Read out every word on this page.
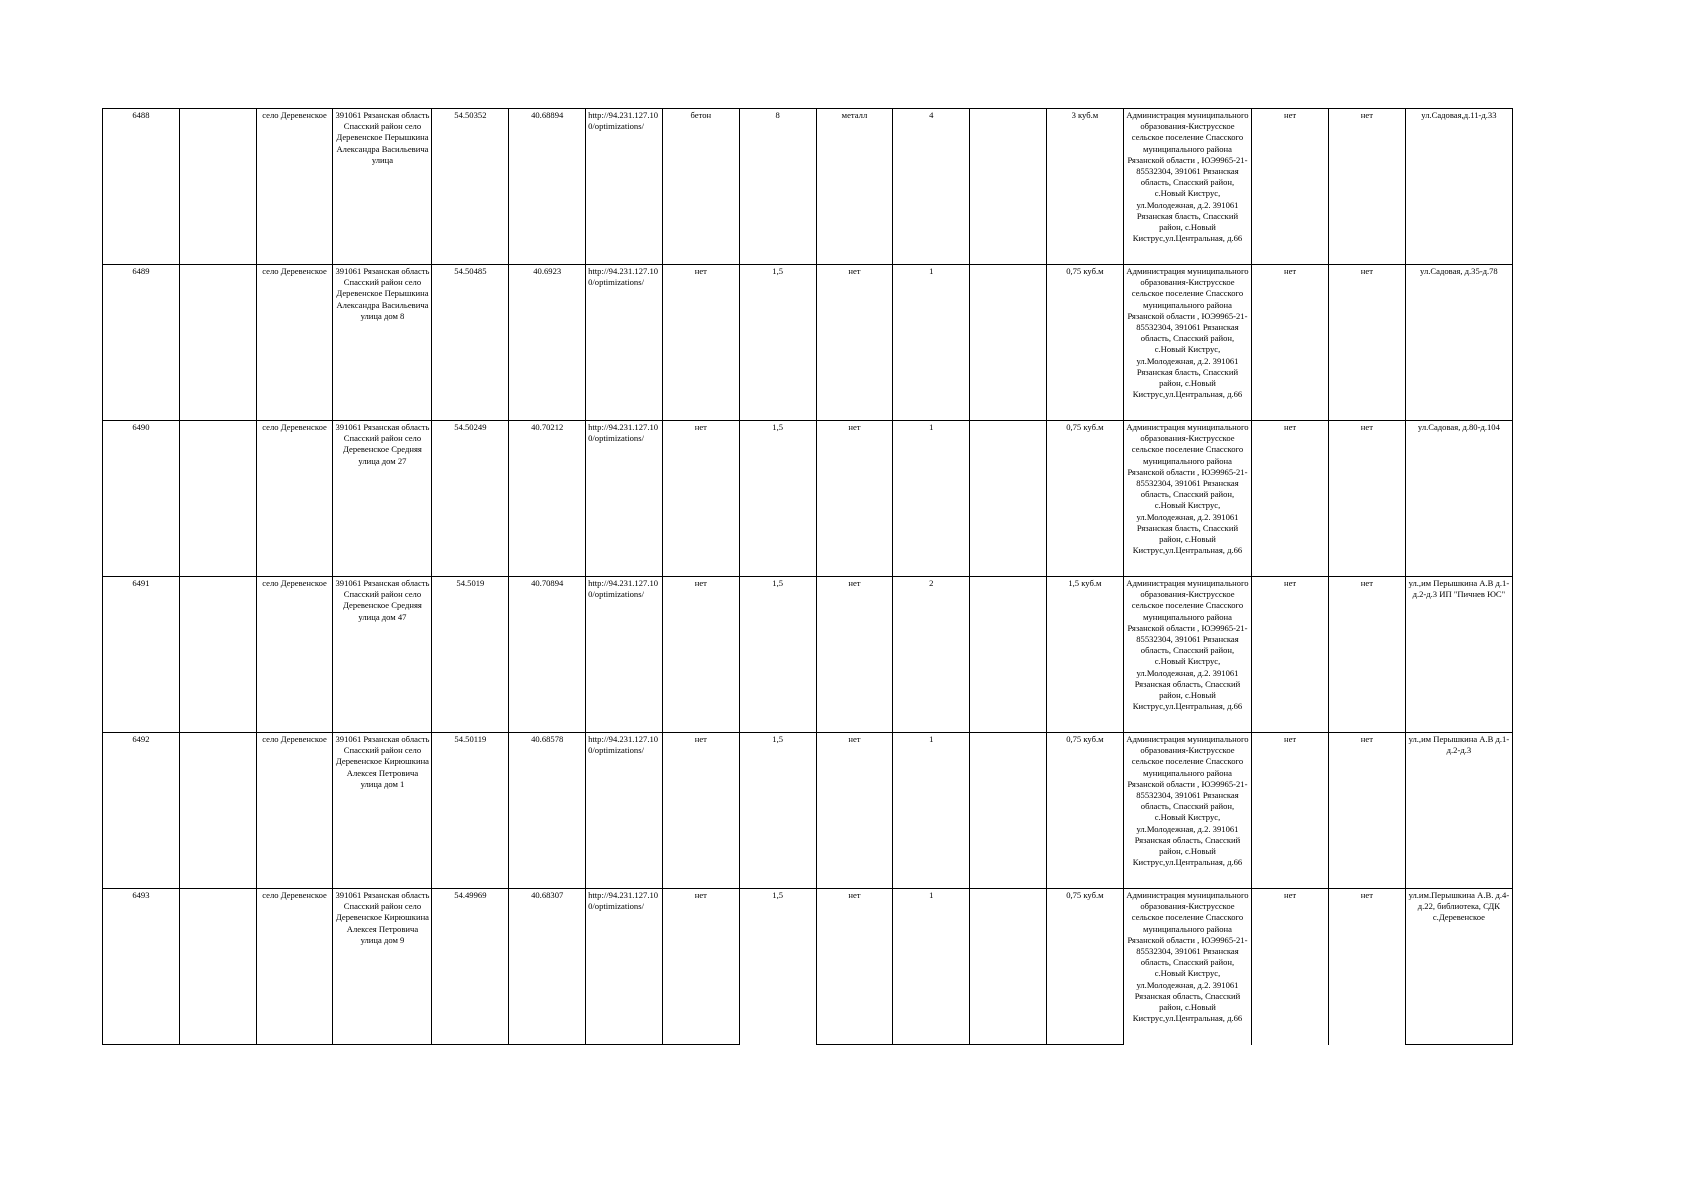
6488		село Деревенское	391061 Рязанская область Спасский район село Деревенское Перышкина Александра Васильевича улица	54.50352	40.68894	http://94.231.127.100/optimizations/	бетон	8	металл	4		3 куб.м	Администрация муниципального образования-Киструсское сельское поселение Спасского муниципального района Рязанской области , ЮЭ9965-21-85532304, 391061 Рязанская область, Спасский район, с.Новый Киструс, ул.Молодежная, д.2. 391061 Рязанская бласть, Спасский район, с.Новый Киструс,ул.Центральная, д.66	нет	нет	ул.Садовая,д.11-д.33
6489		село Деревенское	391061 Рязанская область Спасский район село Деревенское Перышкина Александра Васильевича улица дом 8	54.50485	40.6923	http://94.231.127.100/optimizations/	нет	1,5	нет	1		0,75 куб.м	Администрация муниципального образования-Киструсское сельское поселение Спасского муниципального района Рязанской области , ЮЭ9965-21-85532304, 391061 Рязанская область, Спасский район, с.Новый Киструс, ул.Молодежная, д.2. 391061 Рязанская бласть, Спасский район, с.Новый Киструс,ул.Центральная, д.66	нет	нет	ул.Садовая, д.35-д.78
6490		село Деревенское	391061 Рязанская область Спасский район село Деревенское Средняя улица дом 27	54.50249	40.70212	http://94.231.127.100/optimizations/	нет	1,5	нет	1		0,75 куб.м	Администрация муниципального образования-Киструсское сельское поселение Спасского муниципального района Рязанской области , ЮЭ9965-21-85532304, 391061 Рязанская область, Спасский район, с.Новый Киструс, ул.Молодежная, д.2. 391061 Рязанская бласть, Спасский район, с.Новый Киструс,ул.Центральная, д.66	нет	нет	ул.Садовая, д.80-д.104
6491		село Деревенское	391061 Рязанская область Спасский район село Деревенское Средняя улица дом 47	54.5019	40.70894	http://94.231.127.100/optimizations/	нет	1,5	нет	2		1,5 куб.м	Администрация муниципального образования-Киструсское сельское поселение Спасского муниципального района Рязанской области , ЮЭ9965-21-85532304, 391061 Рязанская область, Спасский район, с.Новый Киструс, ул.Молодежная, д.2. 391061 Рязанская область, Спасский район, с.Новый Киструс,ул.Центральная, д.66	нет	нет	ул.,им Перышкина А.В д.1-д.2-д.3 ИП "Пичнев ЮС"
6492		село Деревенское	391061 Рязанская область Спасский район село Деревенское Кирюшкина Алексея Петровича улица дом 1	54.50119	40.68578	http://94.231.127.100/optimizations/	нет	1,5	нет	1		0,75 куб.м	Администрация муниципального образования-Киструсское сельское поселение Спасского муниципального района Рязанской области , ЮЭ9965-21-85532304, 391061 Рязанская область, Спасский район, с.Новый Киструс, ул.Молодежная, д.2. 391061 Рязанская область, Спасский район, с.Новый Киструс,ул.Центральная, д.66	нет	нет	ул.,им Перышкина А.В д.1-д.2-д.3
6493		село Деревенское	391061 Рязанская область Спасский район село Деревенское Кирюшкина Алексея Петровича улица дом 9	54.49969	40.68307	http://94.231.127.100/optimizations/	нет	1,5	нет	1		0,75 куб.м	Администрация муниципального образования-Киструсское сельское поселение Спасского муниципального района Рязанской области , ЮЭ9965-21-85532304, 391061 Рязанская область, Спасский район, с.Новый Киструс, ул.Молодежная, д.2. 391061 Рязанская область, Спасский район, с.Новый Киструс,ул.Центральная, д.66	нет	нет	ул.им.Перышкина А.В. д.4-д.22, библиотека, СДК с.Деревенское
